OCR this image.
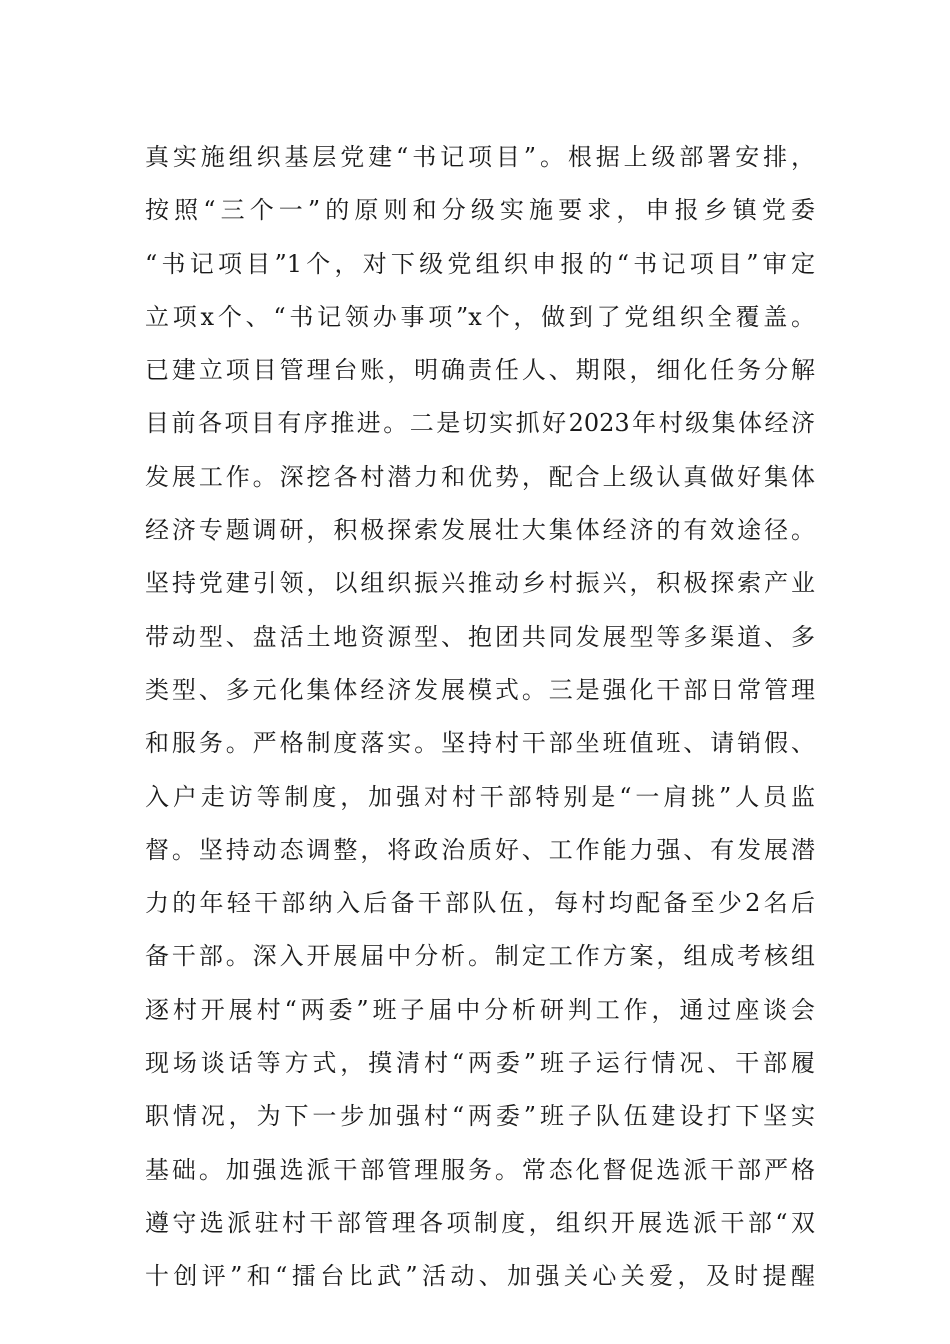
真实施组织基层党建“书记项目”。根据上级部署安排，
按照“三个一”的原则和分级实施要求，申报乡镇党委
“书记项目”1个，对下级党组织申报的“书记项目”审定
立项x个、“书记领办事项”x个，做到了党组织全覆盖。
已建立项目管理台账，明确责任人、期限，细化任务分解
目前各项目有序推进。二是切实抓好2023年村级集体经济
发展工作。深挖各村潜力和优势，配合上级认真做好集体
经济专题调研，积极探索发展壮大集体经济的有效途径。
坚持党建引领，以组织振兴推动乡村振兴，积极探索产业
带动型、盘活土地资源型、抱团共同发展型等多渠道、多
类型、多元化集体经济发展模式。三是强化干部日常管理
和服务。严格制度落实。坚持村干部坐班值班、请销假、
入户走访等制度，加强对村干部特别是“一肩挑”人员监
督。坚持动态调整，将政治质好、工作能力强、有发展潜
力的年轻干部纳入后备干部队伍，每村均配备至少2名后
备干部。深入开展届中分析。制定工作方案，组成考核组
逐村开展村“两委”班子届中分析研判工作，通过座谈会
现场谈话等方式，摸清村“两委”班子运行情况、干部履
职情况，为下一步加强村“两委”班子队伍建设打下坚实
基础。加强选派干部管理服务。常态化督促选派干部严格
遵守选派驻村干部管理各项制度，组织开展选派干部“双
十创评”和“擂台比武”活动、加强关心关爱，及时提醒
